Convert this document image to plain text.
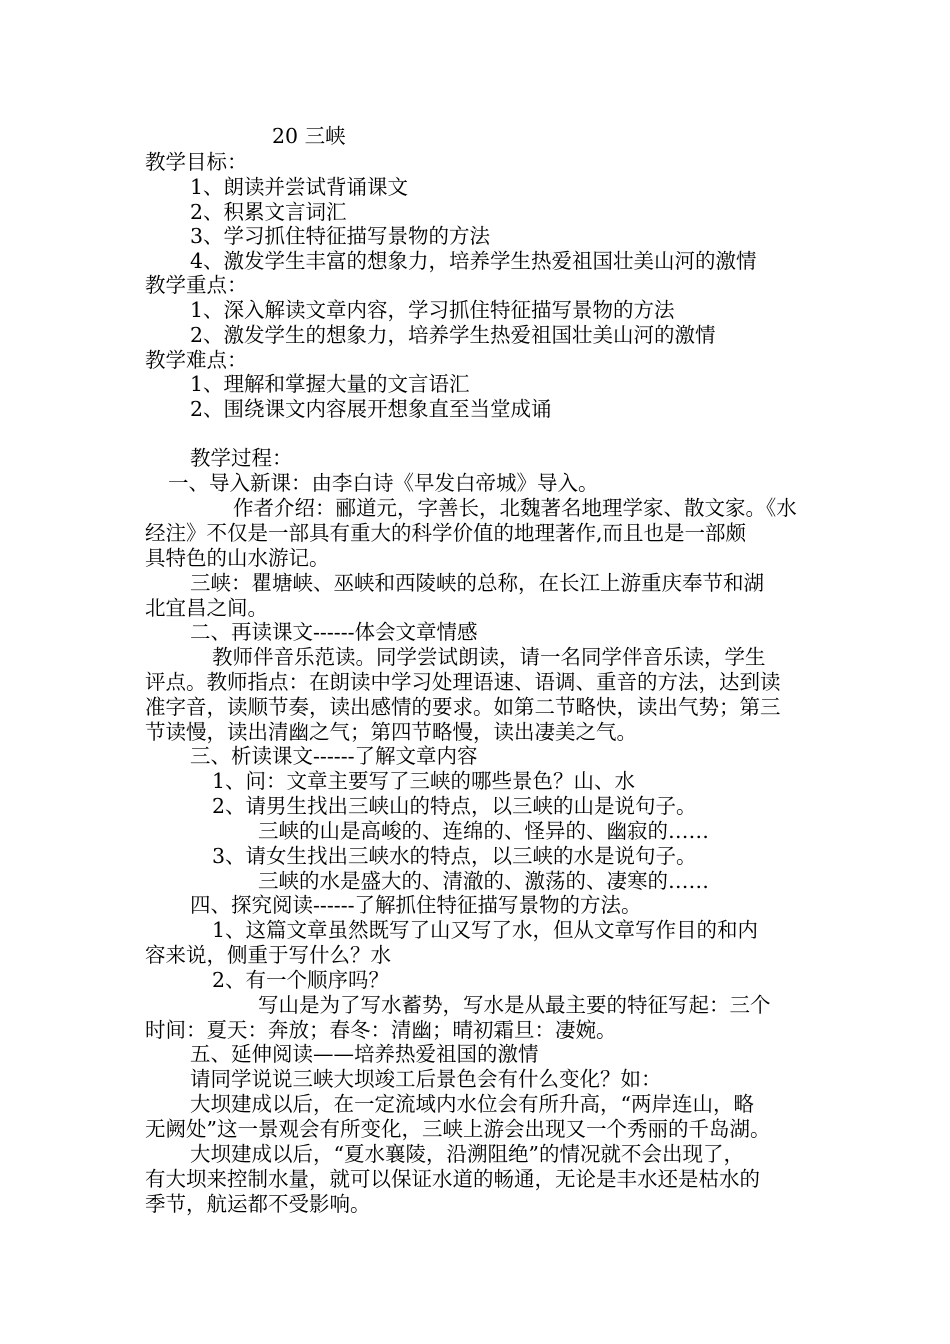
20 三峡

教学目标：

1、朗读并尝试背诵课文

2、积累文言词汇

3、学习抓住特征描写景物的方法

4、激发学生丰富的想象力，培养学生热爱祖国壮美山河的激情

教学重点：

1、深入解读文章内容，学习抓住特征描写景物的方法

2、激发学生的想象力，培养学生热爱祖国壮美山河的激情

教学难点：

1、理解和掌握大量的文言语汇

2、围绕课文内容展开想象直至当堂成诵

教学过程：

一、导入新课：由李白诗《早发白帝城》导入。

作者介绍：郦道元，字善长，北魏著名地理学家、散文家。《水

经注》不仅是一部具有重大的科学价值的地理著作,而且也是一部颇

具特色的山水游记。

三峡：瞿塘峡、巫峡和西陵峡的总称，在长江上游重庆奉节和湖

北宜昌之间。

二、再读课文------体会文章情感

教师伴音乐范读。同学尝试朗读，请一名同学伴音乐读，学生

评点。教师指点：在朗读中学习处理语速、语调、重音的方法，达到读

准字音，读顺节奏，读出感情的要求。如第二节略快，读出气势；第三

节读慢，读出清幽之气；第四节略慢，读出凄美之气。

三、析读课文------了解文章内容

1、问：文章主要写了三峡的哪些景色？山、水

2、请男生找出三峡山的特点，以三峡的山是说句子。

三峡的山是高峻的、连绵的、怪异的、幽寂的……

3、请女生找出三峡水的特点，以三峡的水是说句子。

三峡的水是盛大的、清澈的、激荡的、凄寒的……

四、探究阅读------了解抓住特征描写景物的方法。

1、这篇文章虽然既写了山又写了水，但从文章写作目的和内

容来说，侧重于写什么？水

2、有一个顺序吗？

写山是为了写水蓄势，写水是从最主要的特征写起：三个

时间：夏天：奔放；春冬：清幽；晴初霜旦：凄婉。

五、延伸阅读——培养热爱祖国的激情

请同学说说三峡大坝竣工后景色会有什么变化？如：

大坝建成以后，在一定流域内水位会有所升高，“两岸连山，略

无阙处”这一景观会有所变化，三峡上游会出现又一个秀丽的千岛湖。

大坝建成以后，“夏水襄陵，沿溯阻绝”的情况就不会出现了，

有大坝来控制水量，就可以保证水道的畅通，无论是丰水还是枯水的

季节，航运都不受影响。
